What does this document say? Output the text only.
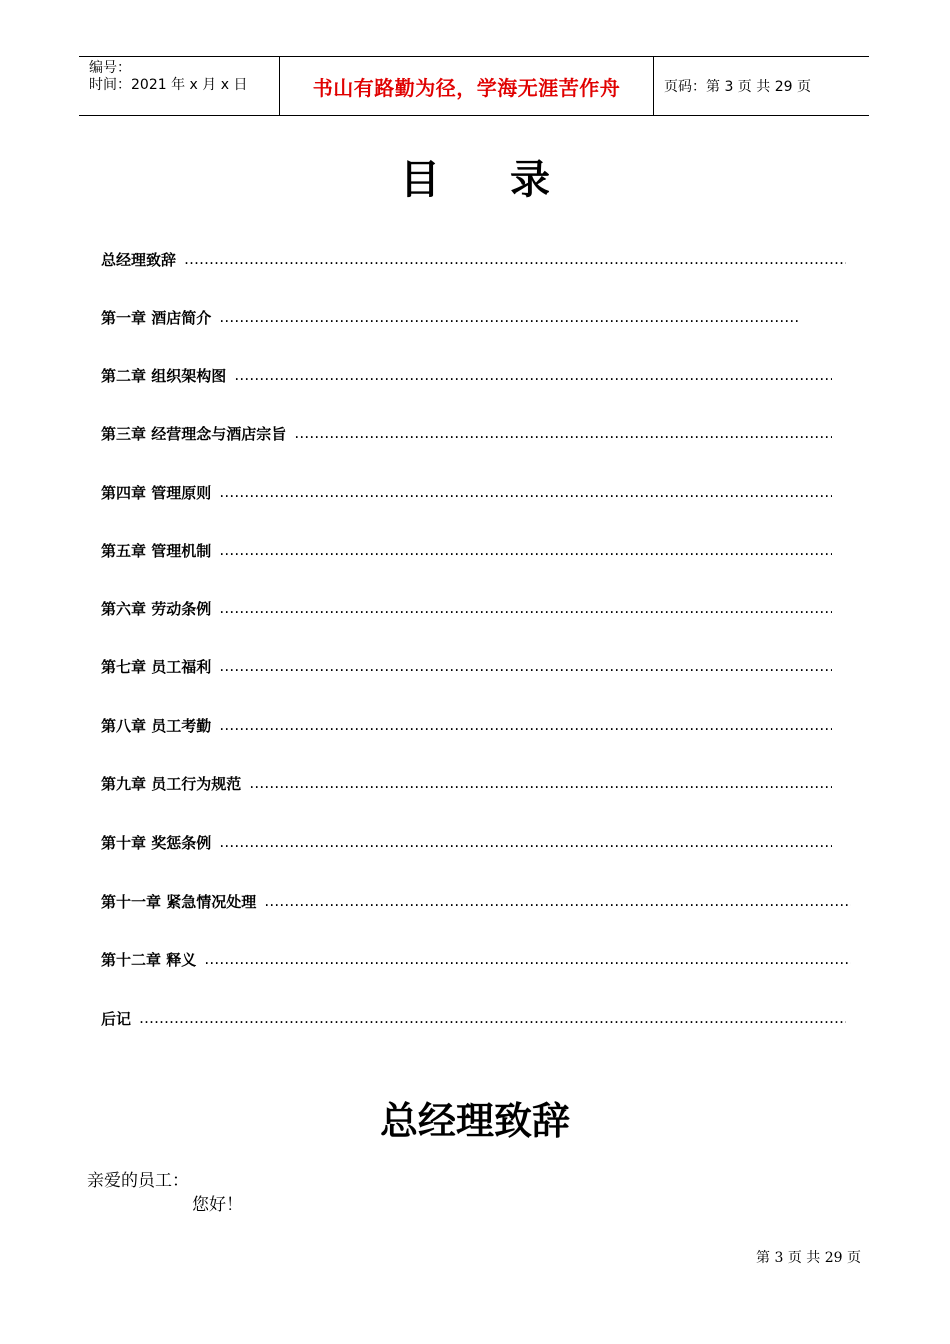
编号：
时间：2021 年 x 月 x 日	书山有路勤为径，学海无涯苦作舟	页码：第 3 页 共 29 页
目录
总经理致辞
…………………………………………………………………………………………………………………………………………………………………………………………
第一章 酒店简介
…………………………………………………………………………………………………………………………………………………………………………………………
第二章 组织架构图
…………………………………………………………………………………………………………………………………………………………………………………………
第三章 经营理念与酒店宗旨
…………………………………………………………………………………………………………………………………………………………………………………………
第四章 管理原则
…………………………………………………………………………………………………………………………………………………………………………………………
第五章 管理机制
…………………………………………………………………………………………………………………………………………………………………………………………
第六章 劳动条例
…………………………………………………………………………………………………………………………………………………………………………………………
第七章 员工福利
…………………………………………………………………………………………………………………………………………………………………………………………
第八章 员工考勤
…………………………………………………………………………………………………………………………………………………………………………………………
第九章 员工行为规范
…………………………………………………………………………………………………………………………………………………………………………………………
第十章 奖惩条例
…………………………………………………………………………………………………………………………………………………………………………………………
第十一章 紧急情况处理
…………………………………………………………………………………………………………………………………………………………………………………………
第十二章 释义
…………………………………………………………………………………………………………………………………………………………………………………………
后记
…………………………………………………………………………………………………………………………………………………………………………………………
总经理致辞
亲爱的员工：
您好！
第 3 页 共 29 页
